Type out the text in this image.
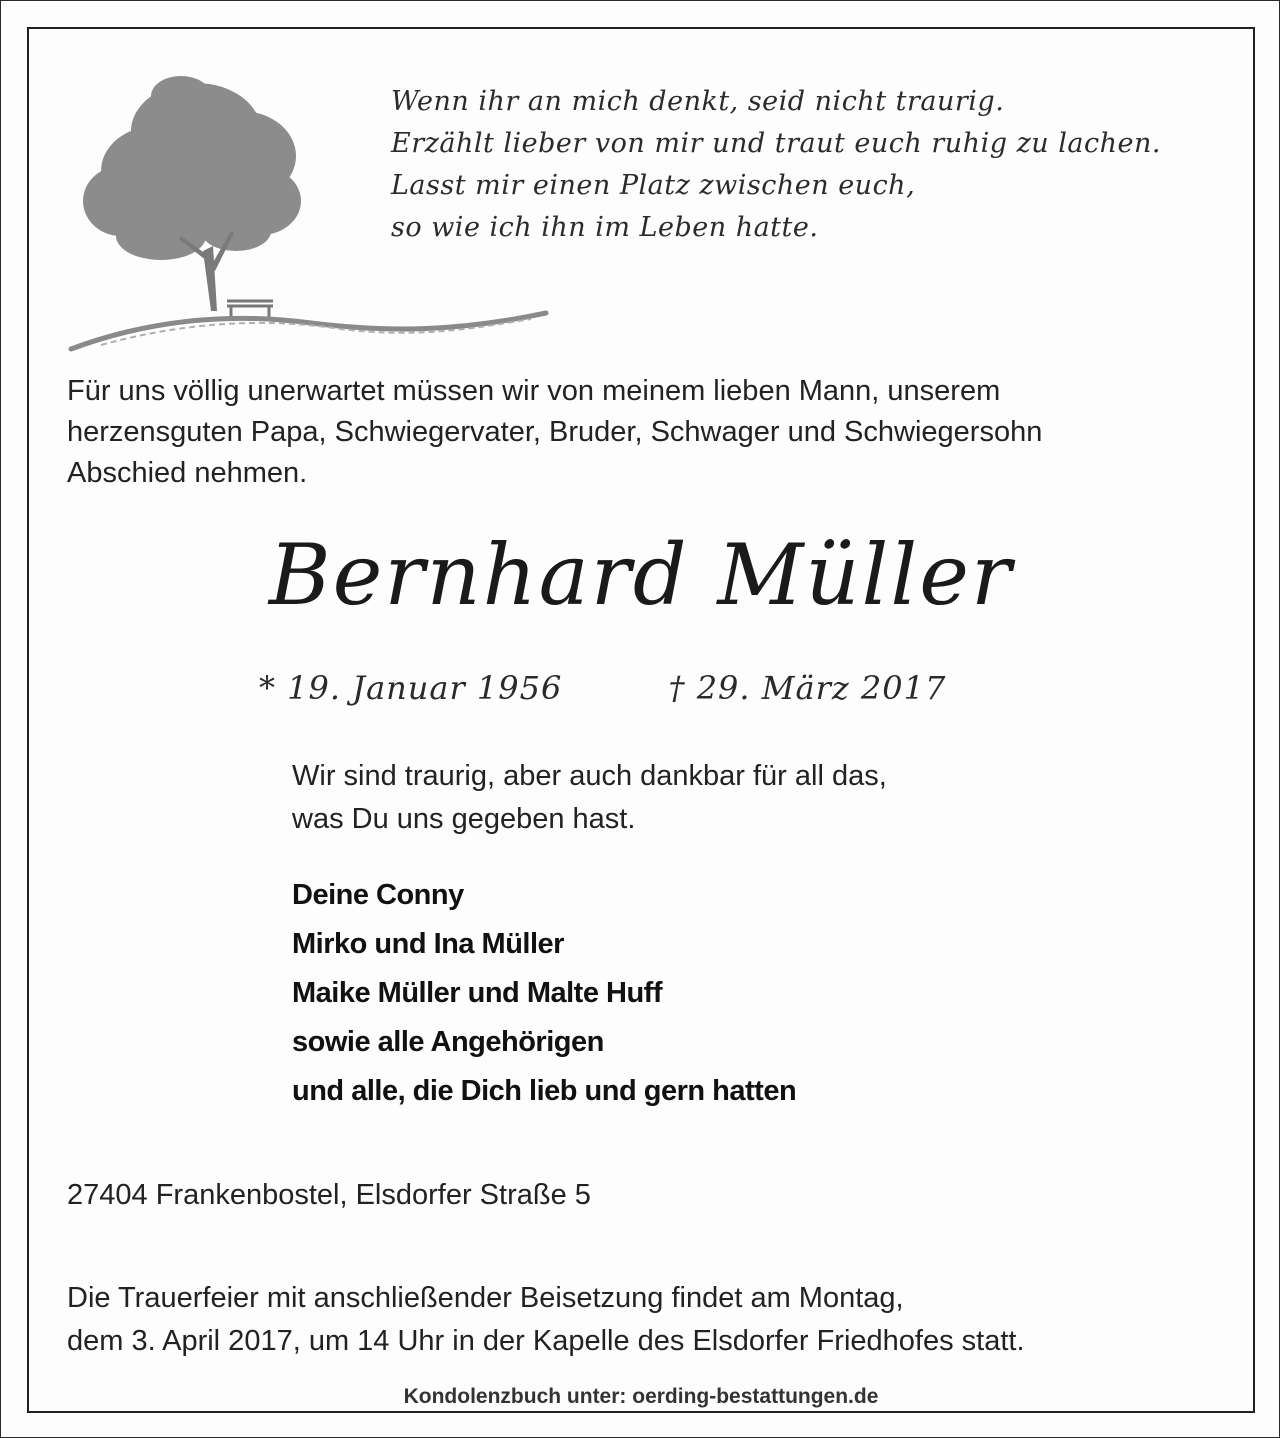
Wenn ihr an mich denkt, seid nicht traurig.
Erzählt lieber von mir und traut euch ruhig zu lachen.
Lasst mir einen Platz zwischen euch,
so wie ich ihn im Leben hatte.
Für uns völlig unerwartet müssen wir von meinem lieben Mann, unserem
herzensguten Papa, Schwiegervater, Bruder, Schwager und Schwiegersohn
Abschied nehmen.
Bernhard Müller
* 19. Januar 1956	† 29. März 2017
Wir sind traurig, aber auch dankbar für all das,
was Du uns gegeben hast.
Deine Conny
Mirko und Ina Müller
Maike Müller und Malte Huff
sowie alle Angehörigen
und alle, die Dich lieb und gern hatten
27404 Frankenbostel, Elsdorfer Straße 5
Die Trauerfeier mit anschließender Beisetzung findet am Montag,
dem 3. April 2017, um 14 Uhr in der Kapelle des Elsdorfer Friedhofes statt.
Kondolenzbuch unter: oerding-bestattungen.de
